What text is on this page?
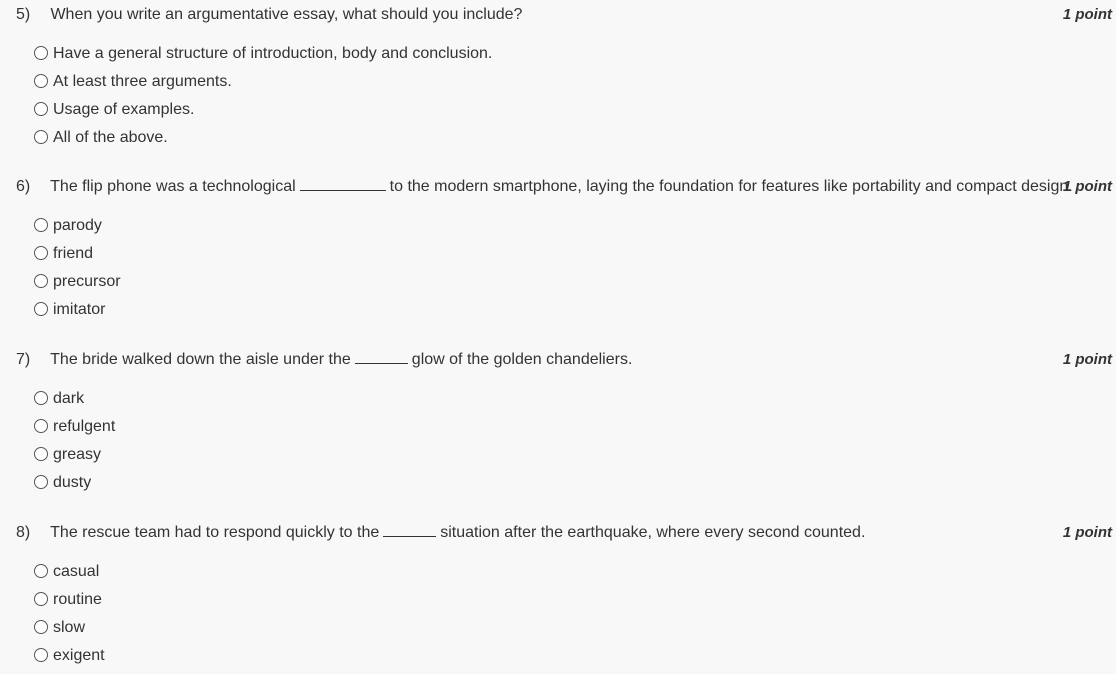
5) When you write an argumentative essay, what should you include?	1 point
Have a general structure of introduction, body and conclusion.
At least three arguments.
Usage of examples.
All of the above.
6) The flip phone was a technological	to the modern smartphone, laying the foundation for features like portability and compact design.
1 point
parody
friend
precursor
imitator
7) The bride walked down the aisle under the	glow of the golden chandeliers.	1 point
dark
refulgent
greasy
dusty
8) The rescue team had to respond quickly to the	situation after the earthquake, where every second counted.	1 point
casual
routine
slow
exigent
